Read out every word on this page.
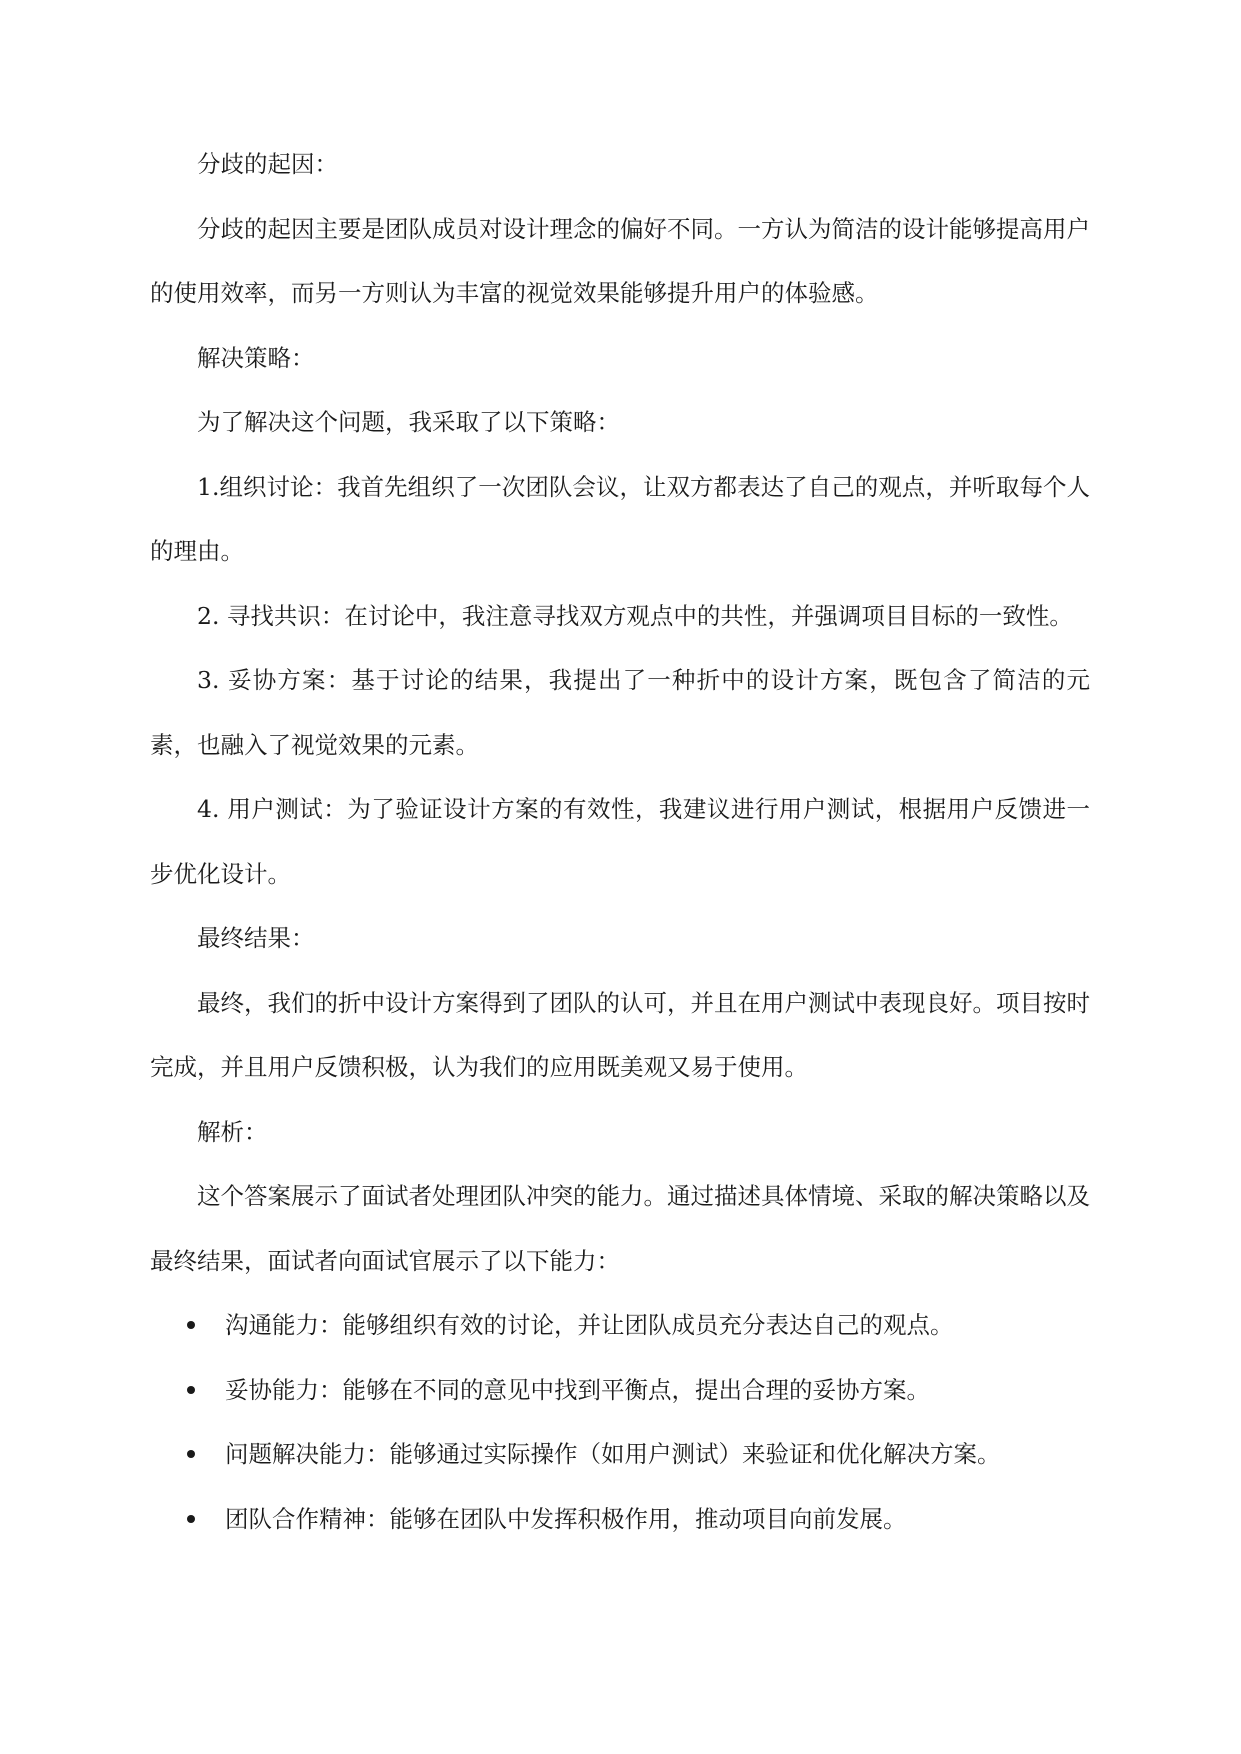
分歧的起因：

分歧的起因主要是团队成员对设计理念的偏好不同。一方认为简洁的设计能够提高用户的使用效率，而另一方则认为丰富的视觉效果能够提升用户的体验感。

解决策略：

为了解决这个问题，我采取了以下策略：

1.组织讨论：我首先组织了一次团队会议，让双方都表达了自己的观点，并听取每个人的理由。

2. 寻找共识：在讨论中，我注意寻找双方观点中的共性，并强调项目目标的一致性。

3. 妥协方案：基于讨论的结果，我提出了一种折中的设计方案，既包含了简洁的元素，也融入了视觉效果的元素。

4. 用户测试：为了验证设计方案的有效性，我建议进行用户测试，根据用户反馈进一步优化设计。

最终结果：

最终，我们的折中设计方案得到了团队的认可，并且在用户测试中表现良好。项目按时完成，并且用户反馈积极，认为我们的应用既美观又易于使用。

解析：

这个答案展示了面试者处理团队冲突的能力。通过描述具体情境、采取的解决策略以及最终结果，面试者向面试官展示了以下能力：

沟通能力：能够组织有效的讨论，并让团队成员充分表达自己的观点。
妥协能力：能够在不同的意见中找到平衡点，提出合理的妥协方案。
问题解决能力：能够通过实际操作（如用户测试）来验证和优化解决方案。
团队合作精神：能够在团队中发挥积极作用，推动项目向前发展。
